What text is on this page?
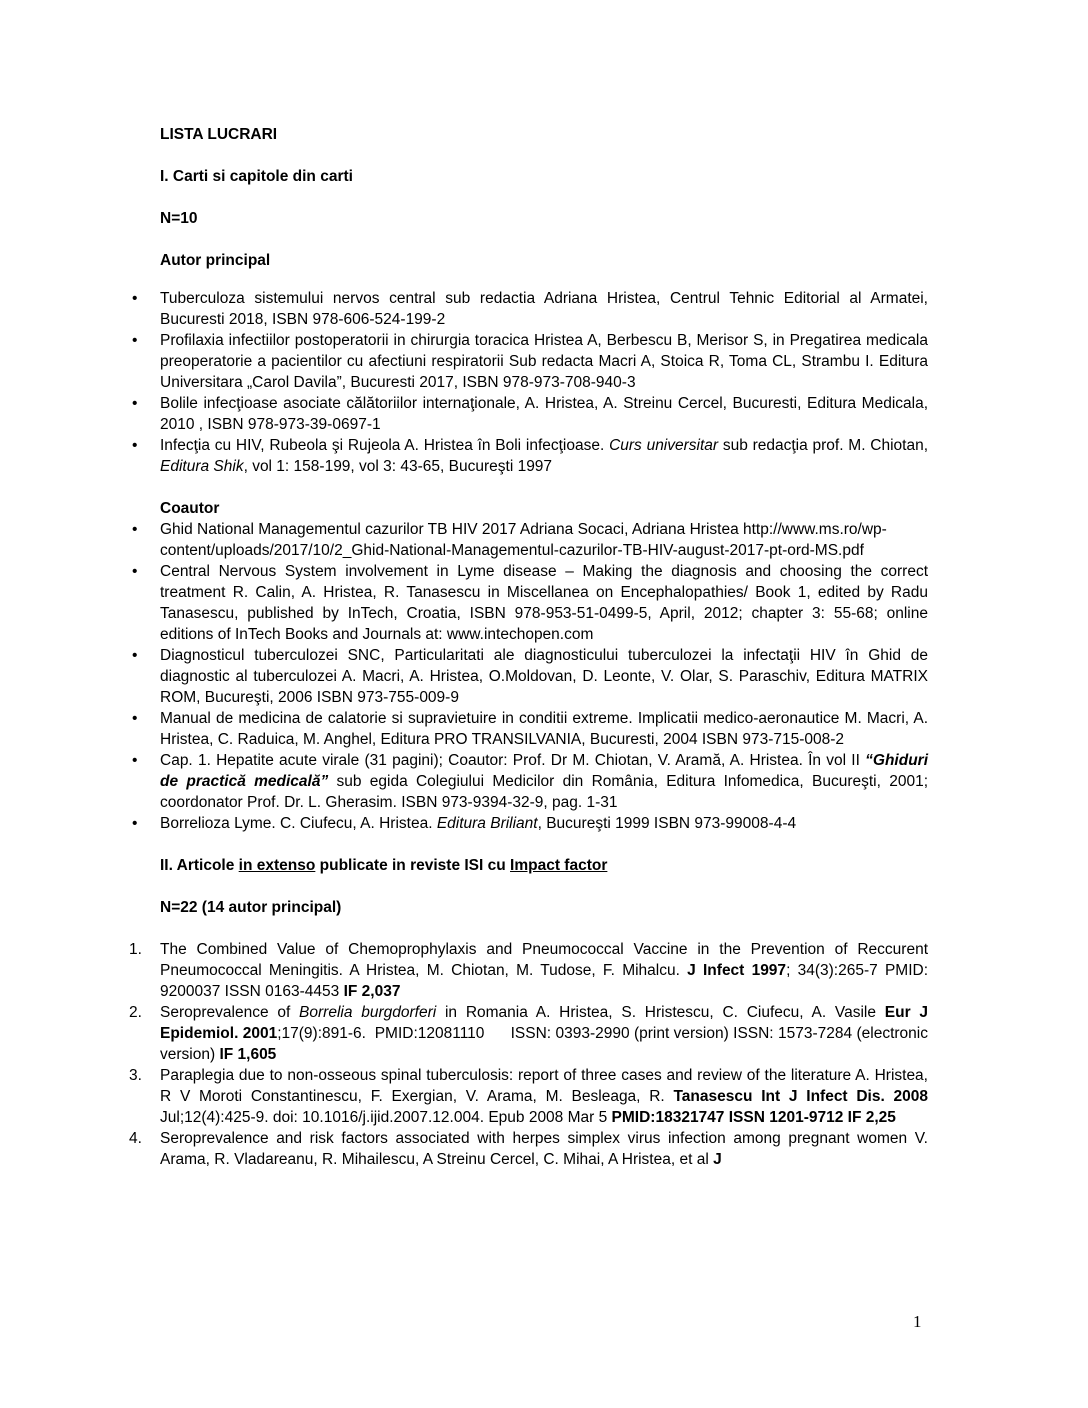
LISTA LUCRARI
I. Carti si capitole din carti
N=10
Autor principal
• Tuberculoza sistemului nervos central sub redactia Adriana Hristea, Centrul Tehnic Editorial al Armatei, Bucuresti 2018, ISBN 978-606-524-199-2
• Profilaxia infectiilor postoperatorii in chirurgia toracica Hristea A, Berbescu B, Merisor S, in Pregatirea medicala preoperatorie a pacientilor cu afectiuni respiratorii Sub redacta Macri A, Stoica R, Toma CL, Strambu I. Editura Universitara „Carol Davila”, Bucuresti 2017, ISBN 978-973-708-940-3
• Bolile infecţioase asociate călătoriilor internaţionale, A. Hristea, A. Streinu Cercel, Bucuresti, Editura Medicala, 2010 , ISBN 978-973-39-0697-1
• Infecţia cu HIV, Rubeola şi Rujeola A. Hristea în Boli infecţioase. Curs universitar sub redacţia prof. M. Chiotan, Editura Shik, vol 1: 158-199, vol 3: 43-65, Bucureşti 1997
Coautor
• Ghid National Managementul cazurilor TB HIV 2017 Adriana Socaci, Adriana Hristea http://www.ms.ro/wp-content/uploads/2017/10/2_Ghid-National-Managementul-cazurilor-TB-HIV-august-2017-pt-ord-MS.pdf
• Central Nervous System involvement in Lyme disease – Making the diagnosis and choosing the correct treatment R. Calin, A. Hristea, R. Tanasescu in Miscellanea on Encephalopathies/ Book 1, edited by Radu Tanasescu, published by InTech, Croatia, ISBN 978-953-51-0499-5, April, 2012; chapter 3: 55-68; online editions of InTech Books and Journals at: www.intechopen.com
• Diagnosticul tuberculozei SNC, Particularitati ale diagnosticului tuberculozei la infectaţii HIV în Ghid de diagnostic al tuberculozei A. Macri, A. Hristea, O.Moldovan, D. Leonte, V. Olar, S. Paraschiv, Editura MATRIX ROM, Bucureşti, 2006 ISBN 973-755-009-9
• Manual de medicina de calatorie si supravietuire in conditii extreme. Implicatii medico-aeronautice M. Macri, A. Hristea, C. Raduica, M. Anghel, Editura PRO TRANSILVANIA, Bucuresti, 2004 ISBN 973-715-008-2
• Cap. 1. Hepatite acute virale (31 pagini); Coautor: Prof. Dr M. Chiotan, V. Aramă, A. Hristea. În vol II “Ghiduri de practică medicală” sub egida Colegiului Medicilor din România, Editura Infomedica, Bucureşti, 2001; coordonator Prof. Dr. L. Gherasim. ISBN 973-9394-32-9, pag. 1-31
• Borrelioza Lyme. C. Ciufecu, A. Hristea. Editura Briliant, Bucureşti 1999 ISBN 973-99008-4-4
II. Articole in extenso publicate in reviste ISI cu Impact factor
N=22 (14 autor principal)
1. The Combined Value of Chemoprophylaxis and Pneumococcal Vaccine in the Prevention of Reccurent Pneumococcal Meningitis. A Hristea, M. Chiotan, M. Tudose, F. Mihalcu. J Infect 1997; 34(3):265-7 PMID: 9200037 ISSN 0163-4453 IF 2,037
2. Seroprevalence of Borrelia burgdorferi in Romania A. Hristea, S. Hristescu, C. Ciufecu, A. Vasile Eur J Epidemiol. 2001;17(9):891-6.  PMID:12081110      ISSN: 0393-2990 (print version) ISSN: 1573-7284 (electronic version) IF 1,605
3. Paraplegia due to non-osseous spinal tuberculosis: report of three cases and review of the literature A. Hristea, R V Moroti Constantinescu, F. Exergian, V. Arama, M. Besleaga, R. Tanasescu Int J Infect Dis. 2008 Jul;12(4):425-9. doi: 10.1016/j.ijid.2007.12.004. Epub 2008 Mar 5 PMID:18321747 ISSN 1201-9712 IF 2,25
4. Seroprevalence and risk factors associated with herpes simplex virus infection among pregnant women V. Arama, R. Vladareanu, R. Mihailescu, A Streinu Cercel, C. Mihai, A Hristea, et al J
1
